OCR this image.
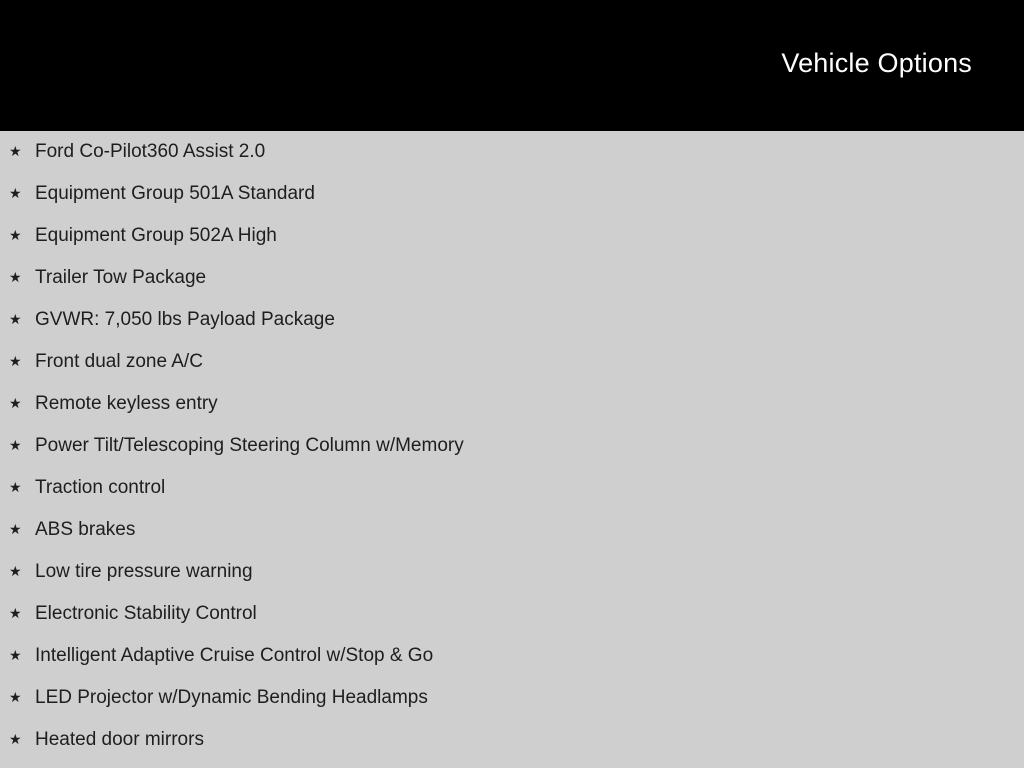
Vehicle Options
★ Ford Co-Pilot360 Assist 2.0
★ Equipment Group 501A Standard
★ Equipment Group 502A High
★ Trailer Tow Package
★ GVWR: 7,050 lbs Payload Package
★ Front dual zone A/C
★ Remote keyless entry
★ Power Tilt/Telescoping Steering Column w/Memory
★ Traction control
★ ABS brakes
★ Low tire pressure warning
★ Electronic Stability Control
★ Intelligent Adaptive Cruise Control w/Stop & Go
★ LED Projector w/Dynamic Bending Headlamps
★ Heated door mirrors
